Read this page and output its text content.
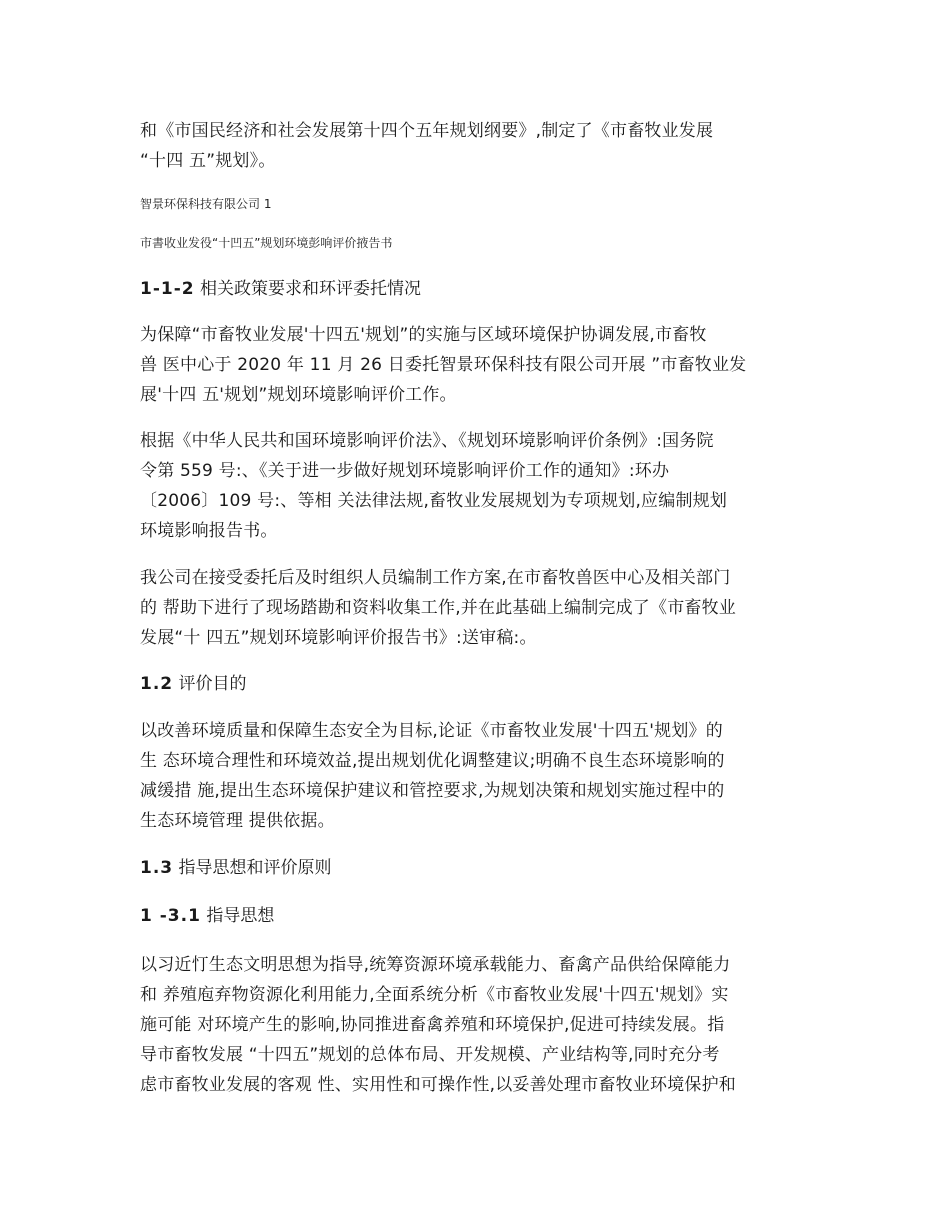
和《市国民经济和社会发展第十四个五年规划纲要》,制定了《市畜牧业发展
“十四 五”规划》。

智景环保科技有限公司 1

市書收业发役“十凹五”规划环境彭响评价掖告书

1-1-2 相关政策要求和环评委托情况

为保障“市畜牧业发展'十四五'规划”的实施与区域环境保护协调发展,市畜牧
兽 医中心于 2020 年 11 月 26 日委托智景环保科技有限公司开展 ”市畜牧业发
展'十四 五'规划”规划环境影响评价工作。
根据《中华人民共和国环境影响评价法》、《规划环境影响评价条例》:国务院
令第 559 号:、《关于进一步做好规划环境影响评价工作的通知》:环办
〔2006〕109 号:、等相 关法律法规,畜牧业发展规划为专项规划,应编制规划
环境影响报告书。
我公司在接受委托后及时组织人员编制工作方案,在市畜牧兽医中心及相关部门
的 帮助下进行了现场踏勘和资料收集工作,并在此基础上编制完成了《市畜牧业
发展“十 四五”规划环境影响评价报告书》:送审稿:。

1.2 评价目的

以改善环境质量和保障生态安全为目标,论证《市畜牧业发展'十四五'规划》的
生 态环境合理性和环境效益,提出规划优化调整建议;明确不良生态环境影响的
减缓措 施,提出生态环境保护建议和管控要求,为规划决策和规划实施过程中的
生态环境管理 提供依据。

1.3 指导思想和评价原则

1 -3.1 指导思想

以习近忊生态文明思想为指导,统筹资源环境承载能力、畜禽产品供给保障能力
和 养殖庖弃物资源化利用能力,全面系统分析《市畜牧业发展'十四五'规划》实
施可能 对环境产生的影响,协同推进畜禽养殖和环境保护,促进可持续发展。指
导市畜牧发展 “十四五”规划的总体布局、开发规模、产业结构等,同时充分考
虑市畜牧业发展的客观 性、实用性和可操作性,以妥善处理市畜牧业环境保护和
